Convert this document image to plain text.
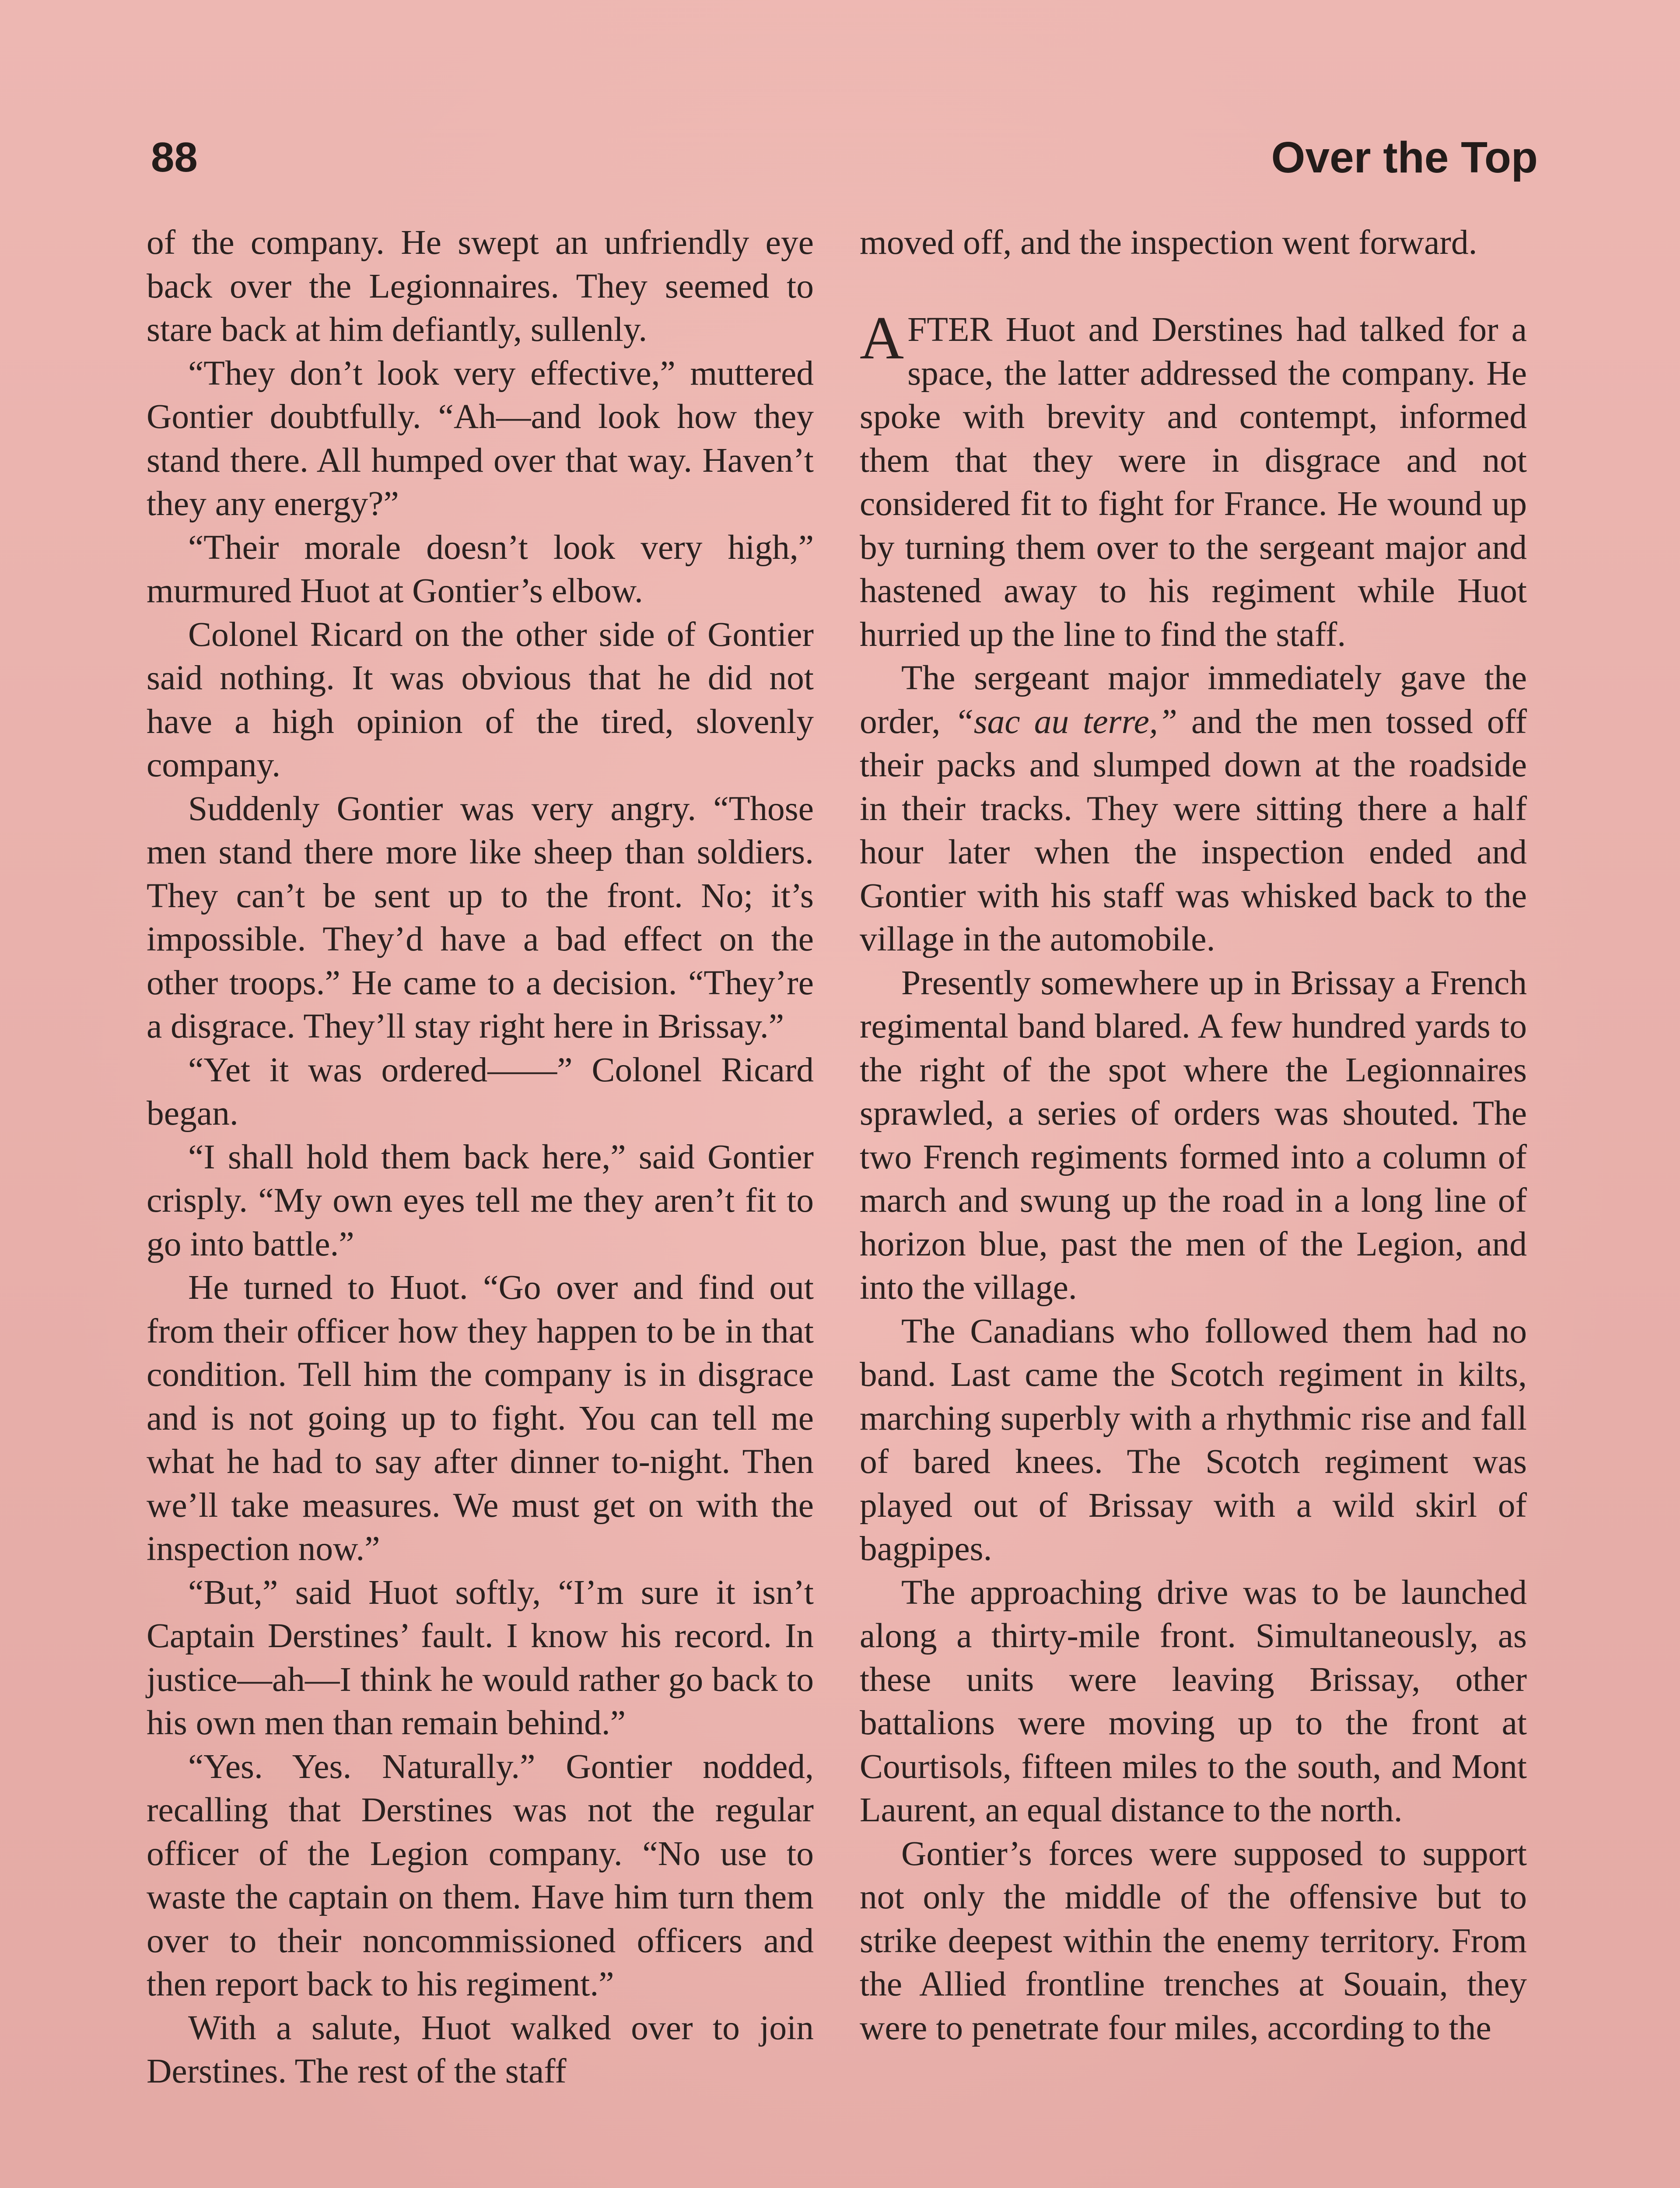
88	Over the Top

of the company. He swept an unfriendly eye back over the Legionnaires. They seemed to stare back at him defiantly, sullenly.

“They don’t look very effective,” muttered Gontier doubtfully. “Ah—and look how they stand there. All humped over that way. Haven’t they any energy?”

“Their morale doesn’t look very high,” murmured Huot at Gontier’s elbow.

Colonel Ricard on the other side of Gontier said nothing. It was obvious that he did not have a high opinion of the tired, slovenly company.

Suddenly Gontier was very angry. “Those men stand there more like sheep than soldiers. They can’t be sent up to the front. No; it’s impossible. They’d have a bad effect on the other troops.” He came to a decision. “They’re a disgrace. They’ll stay right here in Brissay.”

“Yet it was ordered——” Colonel Ricard began.

“I shall hold them back here,” said Gontier crisply. “My own eyes tell me they aren’t fit to go into battle.”

He turned to Huot. “Go over and find out from their officer how they happen to be in that condition. Tell him the company is in disgrace and is not going up to fight. You can tell me what he had to say after dinner to-night. Then we’ll take measures. We must get on with the inspection now.”

“But,” said Huot softly, “I’m sure it isn’t Captain Derstines’ fault. I know his record. In justice—ah—I think he would rather go back to his own men than remain behind.”

“Yes. Yes. Naturally.” Gontier nodded, recalling that Derstines was not the regular officer of the Legion company. “No use to waste the captain on them. Have him turn them over to their noncommissioned officers and then report back to his regiment.”

With a salute, Huot walked over to join Derstines. The rest of the staff

moved off, and the inspection went forward.

AFTER Huot and Derstines had talked for a space, the latter addressed the company. He spoke with brevity and contempt, informed them that they were in disgrace and not considered fit to fight for France. He wound up by turning them over to the sergeant major and hastened away to his regiment while Huot hurried up the line to find the staff.

The sergeant major immediately gave the order, “sac au terre,” and the men tossed off their packs and slumped down at the roadside in their tracks. They were sitting there a half hour later when the inspection ended and Gontier with his staff was whisked back to the village in the automobile.

Presently somewhere up in Brissay a French regimental band blared. A few hundred yards to the right of the spot where the Legionnaires sprawled, a series of orders was shouted. The two French regiments formed into a column of march and swung up the road in a long line of horizon blue, past the men of the Legion, and into the village.

The Canadians who followed them had no band. Last came the Scotch regiment in kilts, marching superbly with a rhythmic rise and fall of bared knees. The Scotch regiment was played out of Brissay with a wild skirl of bagpipes.

The approaching drive was to be launched along a thirty-mile front. Simultaneously, as these units were leaving Brissay, other battalions were moving up to the front at Courtisols, fifteen miles to the south, and Mont Laurent, an equal distance to the north.

Gontier’s forces were supposed to support not only the middle of the offensive but to strike deepest within the enemy territory. From the Allied frontline trenches at Souain, they were to penetrate four miles, according to the
